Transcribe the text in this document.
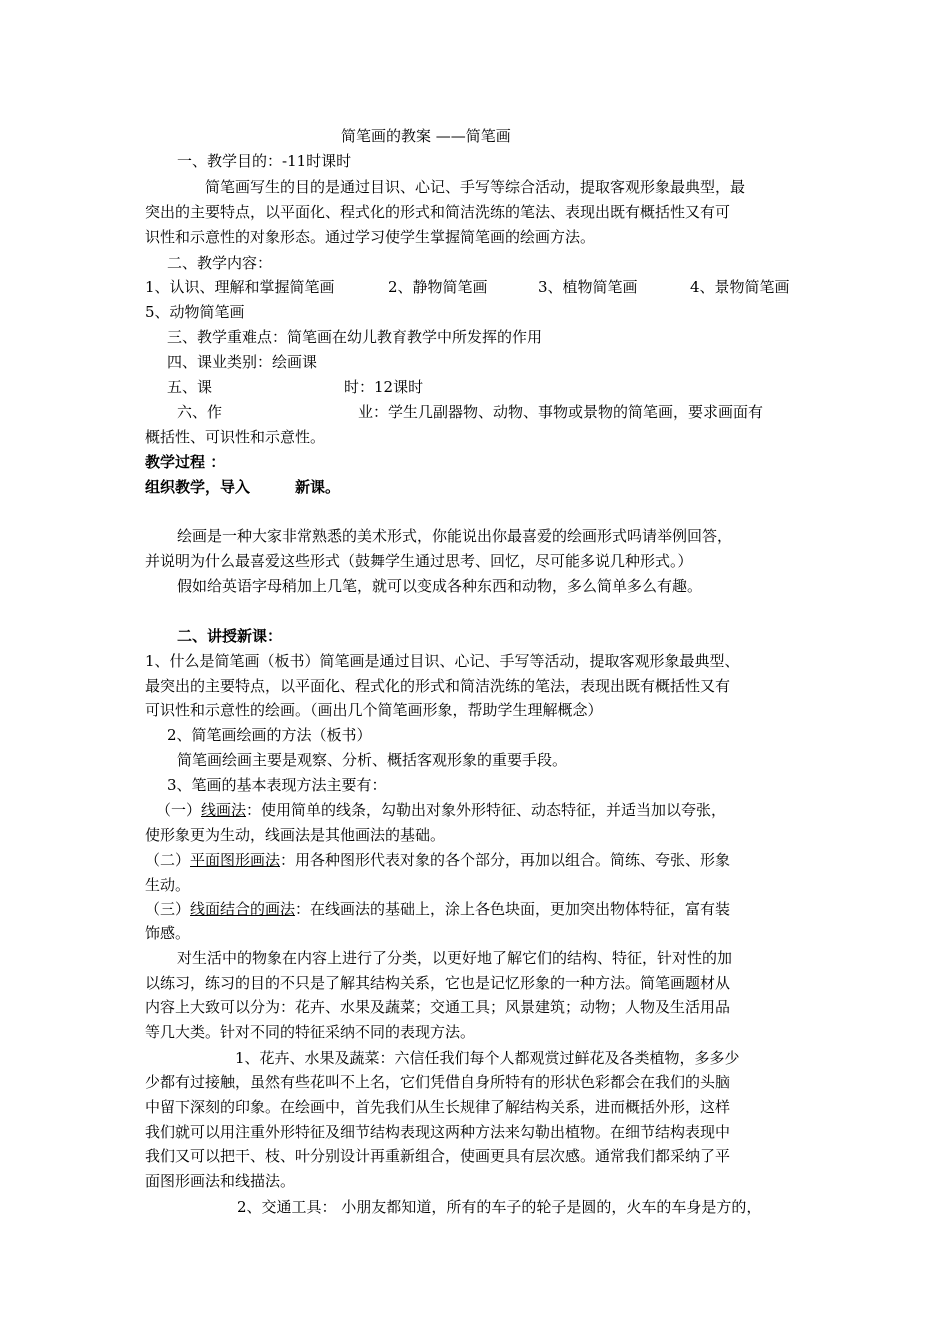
简笔画的教案 ——简笔画
一、教学目的：-11时课时
简笔画写生的目的是通过目识、心记、手写等综合活动，提取客观形象最典型，最
突出的主要特点，以平面化、程式化的形式和简洁洗练的笔法、表现出既有概括性又有可
识性和示意性的对象形态。通过学习使学生掌握简笔画的绘画方法。
二、教学内容：
1、认识、理解和掌握简笔画	2、静物简笔画	3、植物简笔画	4、景物简笔画
5、动物简笔画
三、教学重难点：简笔画在幼儿教育教学中所发挥的作用
四、课业类别：绘画课
五、课	时：12课时
六、作	业：学生几副器物、动物、事物或景物的简笔画，要求画面有
概括性、可识性和示意性。
教学过程 ：
组织教学，导入	新课。
绘画是一种大家非常熟悉的美术形式，你能说出你最喜爱的绘画形式吗请举例回答，
并说明为什么最喜爱这些形式（鼓舞学生通过思考、回忆，尽可能多说几种形式。）
假如给英语字母稍加上几笔，就可以变成各种东西和动物，多么简单多么有趣。
二、讲授新课：
1、什么是简笔画（板书）简笔画是通过目识、心记、手写等活动，提取客观形象最典型、
最突出的主要特点，以平面化、程式化的形式和简洁洗练的笔法，表现出既有概括性又有
可识性和示意性的绘画。（画出几个简笔画形象，帮助学生理解概念）
2、简笔画绘画的方法（板书）
简笔画绘画主要是观察、分析、概括客观形象的重要手段。
3、笔画的基本表现方法主要有：
（一）线画法：使用简单的线条，勾勒出对象外形特征、动态特征，并适当加以夸张，
使形象更为生动，线画法是其他画法的基础。
（二）平面图形画法：用各种图形代表对象的各个部分，再加以组合。简练、夸张、形象
生动。
（三）线面结合的画法：在线画法的基础上，涂上各色块面，更加突出物体特征，富有装
饰感。
对生活中的物象在内容上进行了分类，以更好地了解它们的结构、特征，针对性的加
以练习，练习的目的不只是了解其结构关系，它也是记忆形象的一种方法。简笔画题材从
内容上大致可以分为：花卉、水果及蔬菜；交通工具；风景建筑；动物；人物及生活用品
等几大类。针对不同的特征采纳不同的表现方法。
1、花卉、水果及蔬菜：六信任我们每个人都观赏过鲜花及各类植物，多多少
少都有过接触，虽然有些花叫不上名，它们凭借自身所特有的形状色彩都会在我们的头脑
中留下深刻的印象。在绘画中，首先我们从生长规律了解结构关系，进而概括外形，这样
我们就可以用注重外形特征及细节结构表现这两种方法来勾勒出植物。在细节结构表现中
我们又可以把干、枝、叶分别设计再重新组合，使画更具有层次感。通常我们都采纳了平
面图形画法和线描法。
2、交通工具： 小朋友都知道，所有的车子的轮子是圆的，火车的车身是方的，
